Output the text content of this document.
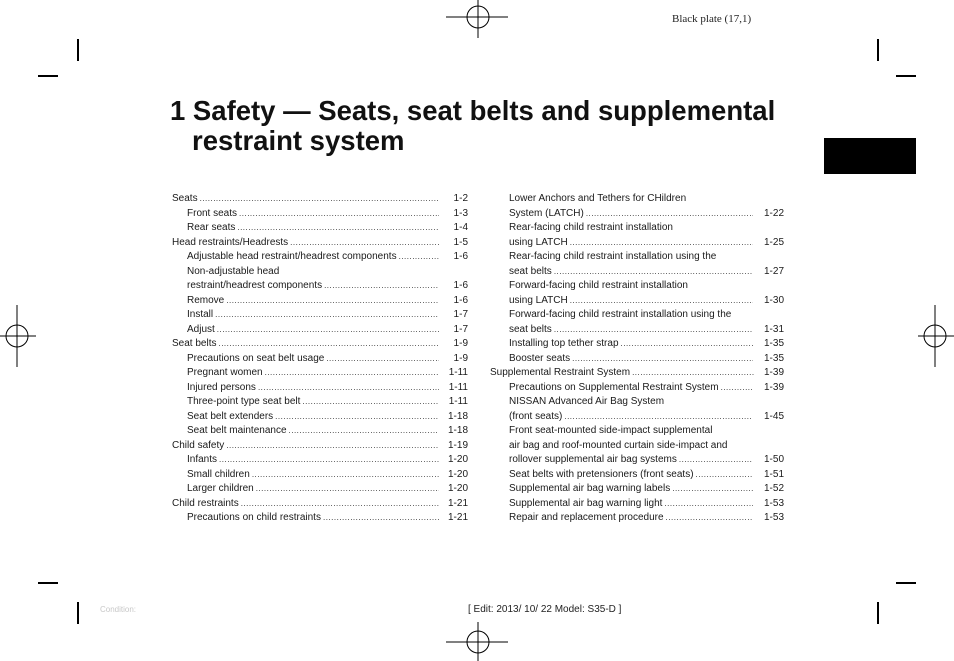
Black plate (17,1)
1 Safety — Seats, seat belts and supplemental
restraint system
Seats .....	1-2
Front seats .....	1-3
Rear seats .....	1-4
Head restraints/Headrests .....	1-5
Adjustable head restraint/headrest components .....	1-6
Non-adjustable head
restraint/headrest components .....	1-6
Remove .....	1-6
Install .....	1-7
Adjust .....	1-7
Seat belts .....	1-9
Precautions on seat belt usage .....	1-9
Pregnant women .....	1-11
Injured persons .....	1-11
Three-point type seat belt .....	1-11
Seat belt extenders .....	1-18
Seat belt maintenance .....	1-18
Child safety .....	1-19
Infants .....	1-20
Small children .....	1-20
Larger children .....	1-20
Child restraints .....	1-21
Precautions on child restraints .....	1-21
Lower Anchors and Tethers for CHildren
System (LATCH) .....	1-22
Rear-facing child restraint installation
using LATCH .....	1-25
Rear-facing child restraint installation using the
seat belts .....	1-27
Forward-facing child restraint installation
using LATCH .....	1-30
Forward-facing child restraint installation using the
seat belts .....	1-31
Installing top tether strap .....	1-35
Booster seats .....	1-35
Supplemental Restraint System .....	1-39
Precautions on Supplemental Restraint System .....	1-39
NISSAN Advanced Air Bag System
(front seats) .....	1-45
Front seat-mounted side-impact supplemental
air bag and roof-mounted curtain side-impact and
rollover supplemental air bag systems .....	1-50
Seat belts with pretensioners (front seats) .....	1-51
Supplemental air bag warning labels .....	1-52
Supplemental air bag warning light .....	1-53
Repair and replacement procedure .....	1-53
Condition:	[ Edit: 2013/ 10/ 22 Model: S35-D ]
